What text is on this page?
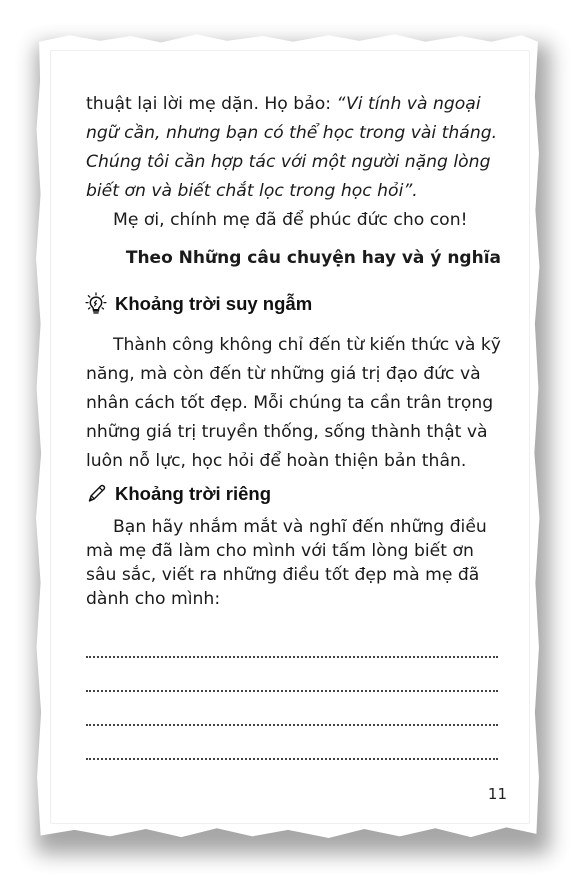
thuật lại lời mẹ dặn. Họ bảo: “Vi tính và ngoại ngữ cần, nhưng bạn có thể học trong vài tháng. Chúng tôi cần hợp tác với một người nặng lòng biết ơn và biết chắt lọc trong học hỏi”.
Mẹ ơi, chính mẹ đã để phúc đức cho con!
Theo Những câu chuyện hay và ý nghĩa
Khoảng trời suy ngẫm
Thành công không chỉ đến từ kiến thức và kỹ năng, mà còn đến từ những giá trị đạo đức và nhân cách tốt đẹp. Mỗi chúng ta cần trân trọng những giá trị truyền thống, sống thành thật và luôn nỗ lực, học hỏi để hoàn thiện bản thân.
Khoảng trời riêng
Bạn hãy nhắm mắt và nghĩ đến những điều mà mẹ đã làm cho mình với tấm lòng biết ơn sâu sắc, viết ra những điều tốt đẹp mà mẹ đã dành cho mình:
11
